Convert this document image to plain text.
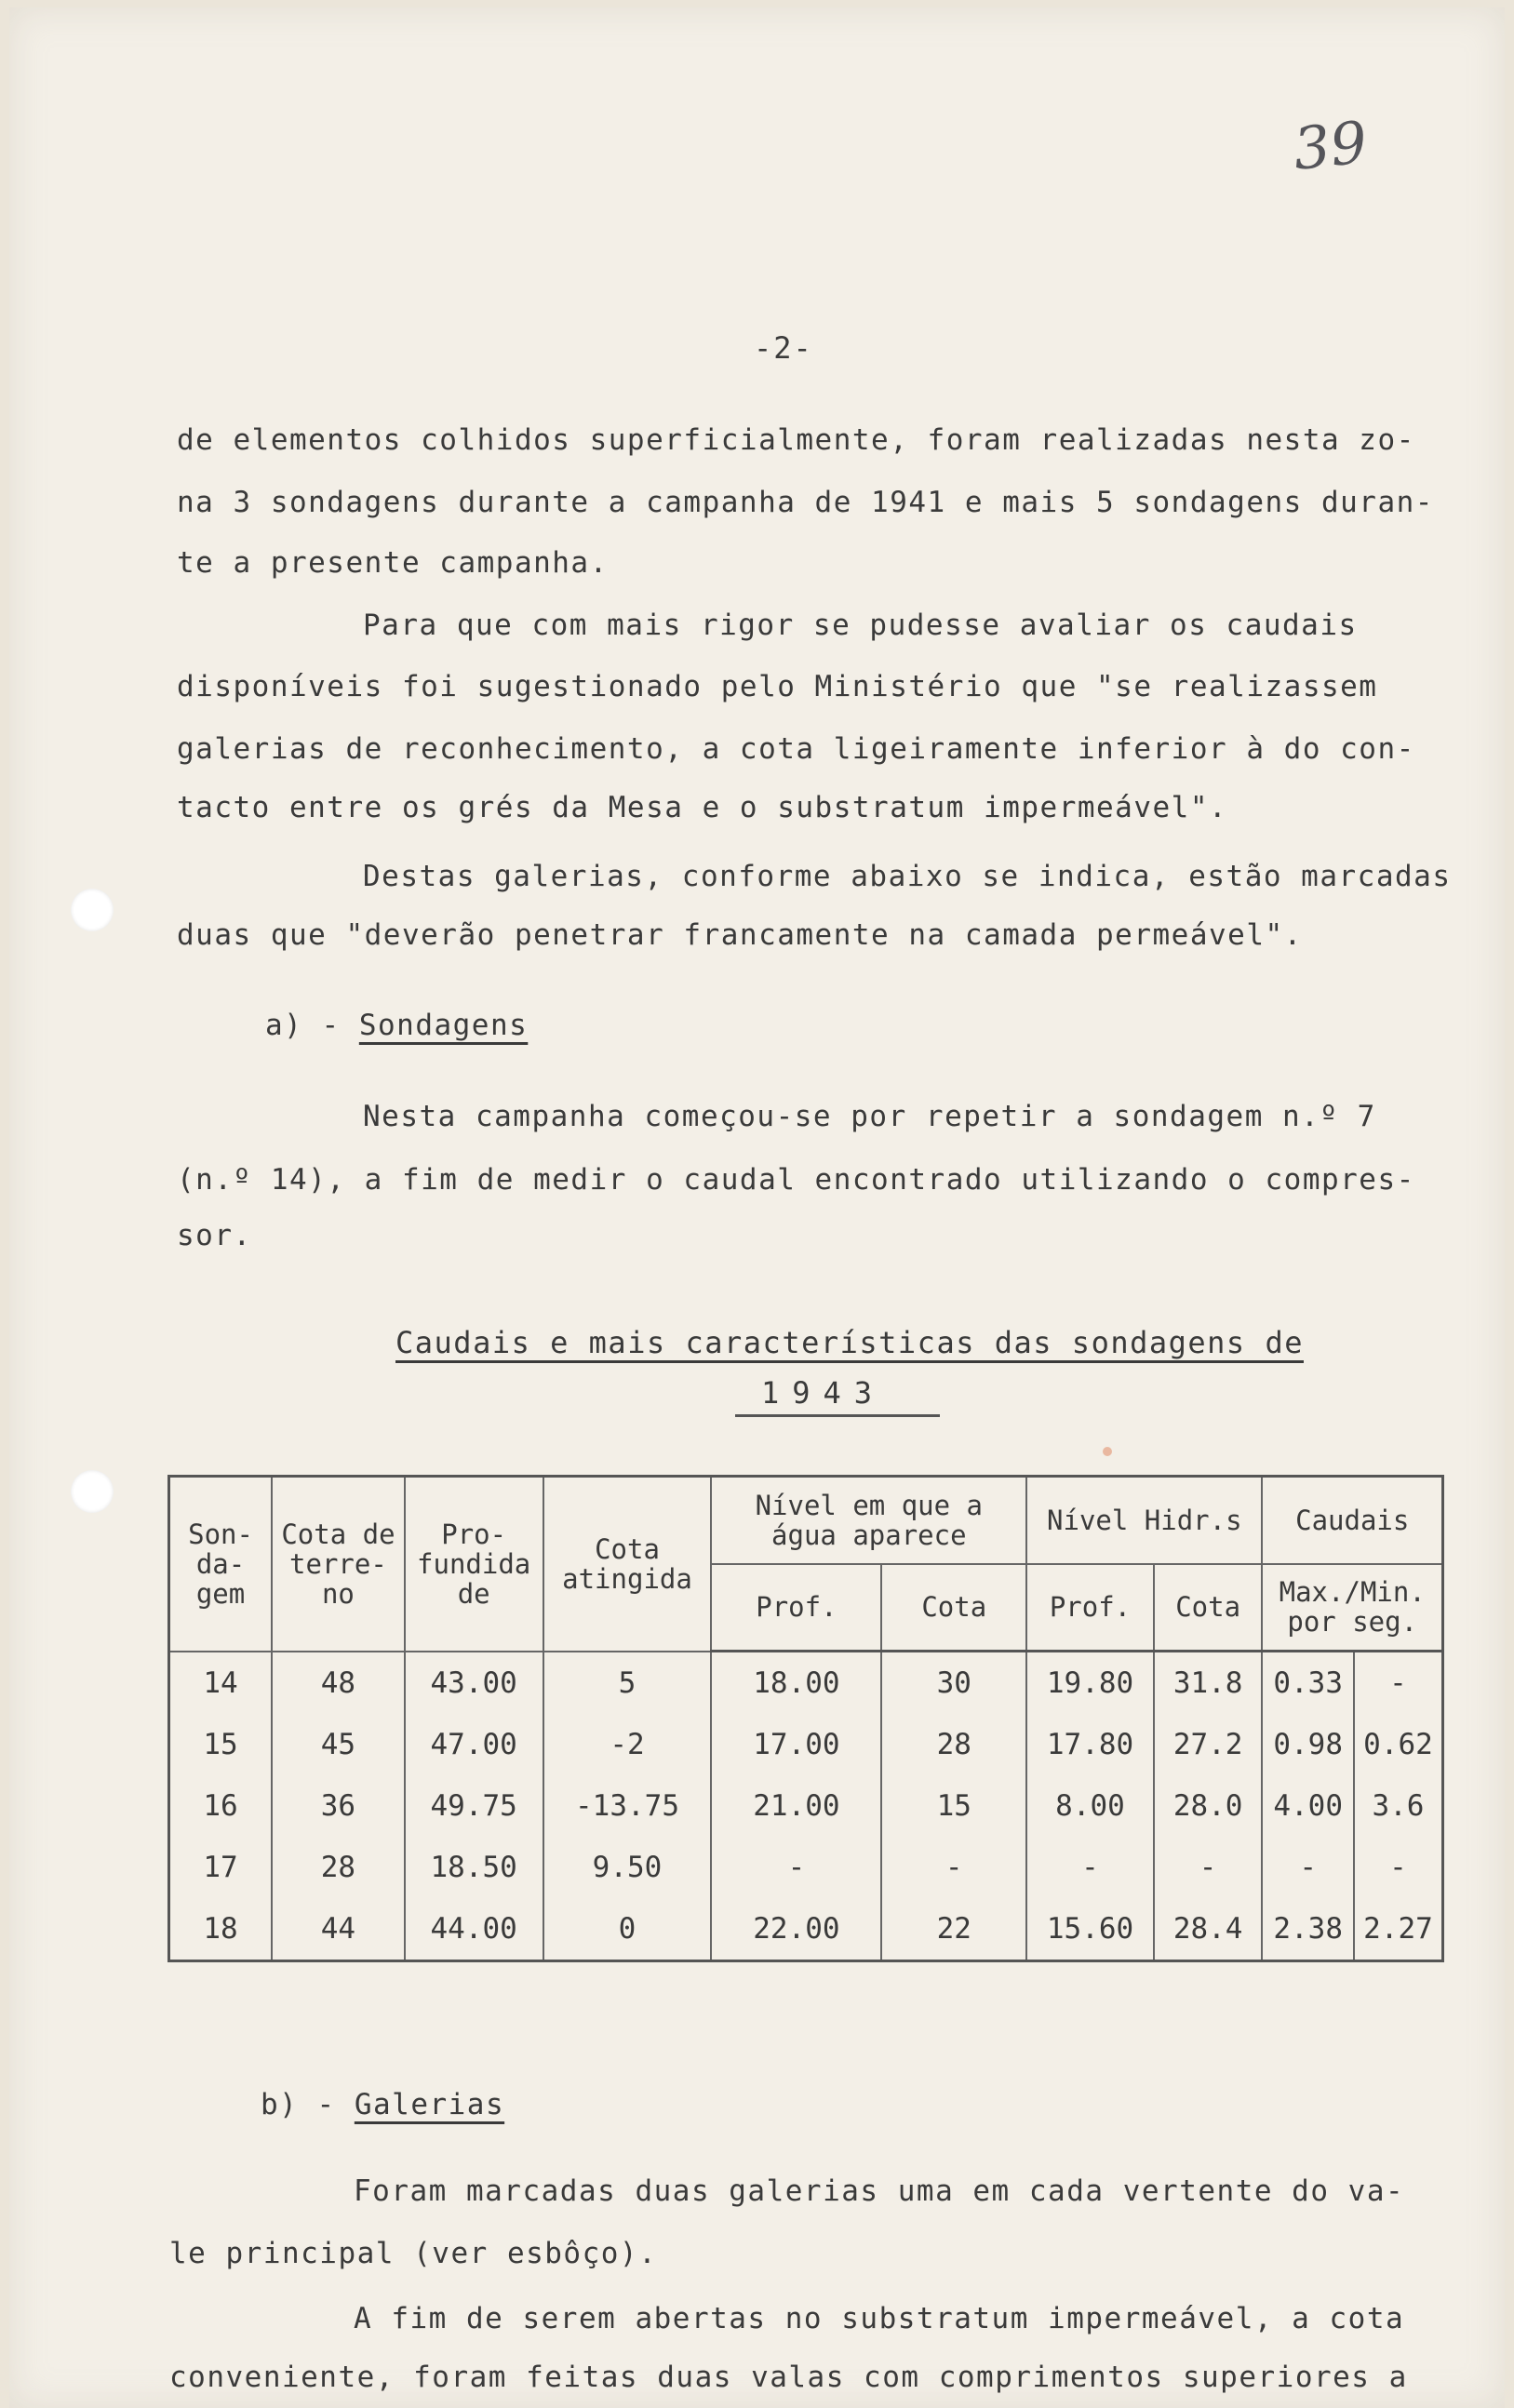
39
-2-
de elementos colhidos superficialmente, foram realizadas nesta zo-
na 3 sondagens durante a campanha de 1941 e mais 5 sondagens duran-
te a presente campanha.
Para que com mais rigor se pudesse avaliar os caudais
disponíveis foi sugestionado pelo Ministério que "se realizassem
galerias de reconhecimento, a cota ligeiramente inferior à do con-
tacto entre os grés da Mesa e o substratum impermeável".
Destas galerias, conforme abaixo se indica, estão marcadas
duas que "deverão penetrar francamente na camada permeável".
a) - Sondagens
Nesta campanha começou-se por repetir a sondagem n.º 7
(n.º 14), a fim de medir o caudal encontrado utilizando o compres-
sor.
Caudais e mais características das sondagens de
1943
Son- da- gem	Cota de terre- no	Pro- fundida de	Cota atingida	Nível em que a água aparece		Nível Hidr.s		Caudais	
				Prof.	Cota	Prof.	Cota	Max./Min. por seg.	
14	48	43.00	5	18.00	30	19.80	31.8	0.33	-
15	45	47.00	-2	17.00	28	17.80	27.2	0.98	0.62
16	36	49.75	-13.75	21.00	15	8.00	28.0	4.00	3.6
17	28	18.50	9.50	-	-	-	-	-	-
18	44	44.00	0	22.00	22	15.60	28.4	2.38	2.27
b) - Galerias
Foram marcadas duas galerias uma em cada vertente do va-
le principal (ver esbôço).
A fim de serem abertas no substratum impermeável, a cota
conveniente, foram feitas duas valas com comprimentos superiores a
